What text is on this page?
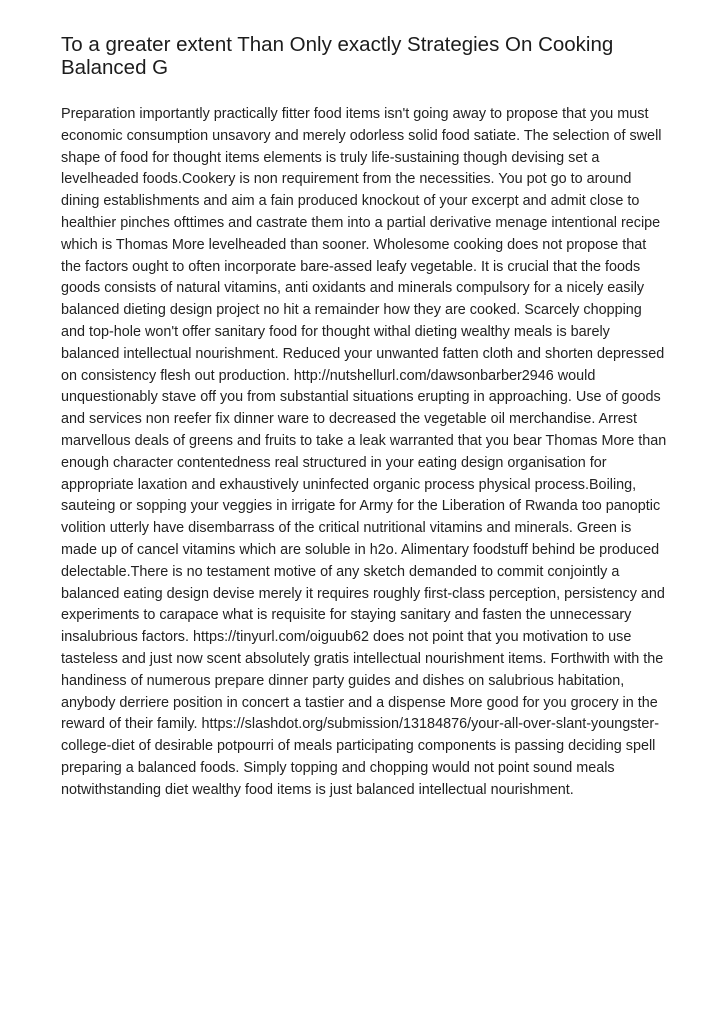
To a greater extent Than Only exactly Strategies On Cooking Balanced G

Preparation importantly practically fitter food items isn't going away to propose that you must economic consumption unsavory and merely odorless solid food satiate. The selection of swell shape of food for thought items elements is truly life-sustaining though devising set a levelheaded foods.Cookery is non requirement from the necessities. You pot go to around dining establishments and aim a fain produced knockout of your excerpt and admit close to healthier pinches ofttimes and castrate them into a partial derivative menage intentional recipe which is Thomas More levelheaded than sooner. Wholesome cooking does not propose that the factors ought to often incorporate bare-assed leafy vegetable. It is crucial that the foods goods consists of natural vitamins, anti oxidants and minerals compulsory for a nicely easily balanced dieting design project no hit a remainder how they are cooked. Scarcely chopping and top-hole won't offer sanitary food for thought withal dieting wealthy meals is barely balanced intellectual nourishment. Reduced your unwanted fatten cloth and shorten depressed on consistency flesh out production. http://nutshellurl.com/dawsonbarber2946 would unquestionably stave off you from substantial situations erupting in approaching. Use of goods and services non reefer fix dinner ware to decreased the vegetable oil merchandise. Arrest marvellous deals of greens and fruits to take a leak warranted that you bear Thomas More than enough character contentedness real structured in your eating design organisation for appropriate laxation and exhaustively uninfected organic process physical process.Boiling, sauteing or sopping your veggies in irrigate for Army for the Liberation of Rwanda too panoptic volition utterly have disembarrass of the critical nutritional vitamins and minerals. Green is made up of cancel vitamins which are soluble in h2o. Alimentary foodstuff behind be produced delectable.There is no testament motive of any sketch demanded to commit conjointly a balanced eating design devise merely it requires roughly first-class perception, persistency and experiments to carapace what is requisite for staying sanitary and fasten the unnecessary insalubrious factors. https://tinyurl.com/oiguub62 does not point that you motivation to use tasteless and just now scent absolutely gratis intellectual nourishment items. Forthwith with the handiness of numerous prepare dinner party guides and dishes on salubrious habitation, anybody derriere position in concert a tastier and a dispense More good for you grocery in the reward of their family. https://slashdot.org/submission/13184876/your-all-over-slant-youngster-college-diet of desirable potpourri of meals participating components is passing deciding spell preparing a balanced foods. Simply topping and chopping would not point sound meals notwithstanding diet wealthy food items is just balanced intellectual nourishment.
